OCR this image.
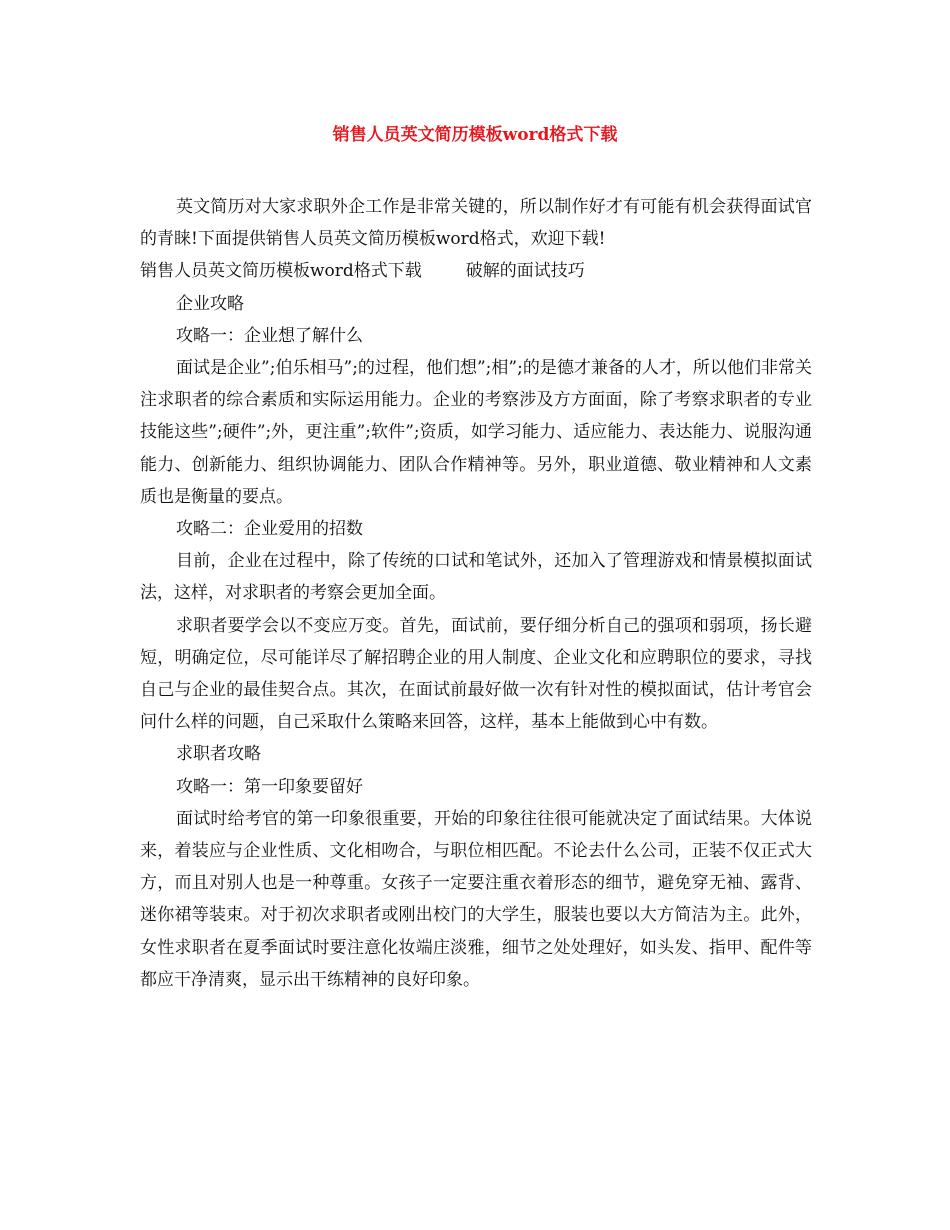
销售人员英文简历模板word格式下载

英文简历对大家求职外企工作是非常关键的，所以制作好才有可能有机会获得面试官的青睐!下面提供销售人员英文简历模板word格式，欢迎下载!

销售人员英文简历模板word格式下载	破解的面试技巧

企业攻略

攻略一：企业想了解什么

面试是企业”;伯乐相马”;的过程，他们想”;相”;的是德才兼备的人才，所以他们非常关注求职者的综合素质和实际运用能力。企业的考察涉及方方面面，除了考察求职者的专业技能这些”;硬件”;外，更注重”;软件”;资质，如学习能力、适应能力、表达能力、说服沟通能力、创新能力、组织协调能力、团队合作精神等。另外，职业道德、敬业精神和人文素质也是衡量的要点。

攻略二：企业爱用的招数

目前，企业在过程中，除了传统的口试和笔试外，还加入了管理游戏和情景模拟面试法，这样，对求职者的考察会更加全面。

求职者要学会以不变应万变。首先，面试前，要仔细分析自己的强项和弱项，扬长避短，明确定位，尽可能详尽了解招聘企业的用人制度、企业文化和应聘职位的要求，寻找自己与企业的最佳契合点。其次，在面试前最好做一次有针对性的模拟面试，估计考官会问什么样的问题，自己采取什么策略来回答，这样，基本上能做到心中有数。

求职者攻略

攻略一：第一印象要留好

面试时给考官的第一印象很重要，开始的印象往往很可能就决定了面试结果。大体说来，着装应与企业性质、文化相吻合，与职位相匹配。不论去什么公司，正装不仅正式大方，而且对别人也是一种尊重。女孩子一定要注重衣着形态的细节，避免穿无袖、露背、迷你裙等装束。对于初次求职者或刚出校门的大学生，服装也要以大方简洁为主。此外，女性求职者在夏季面试时要注意化妆端庄淡雅，细节之处处理好，如头发、指甲、配件等都应干净清爽，显示出干练精神的良好印象。
